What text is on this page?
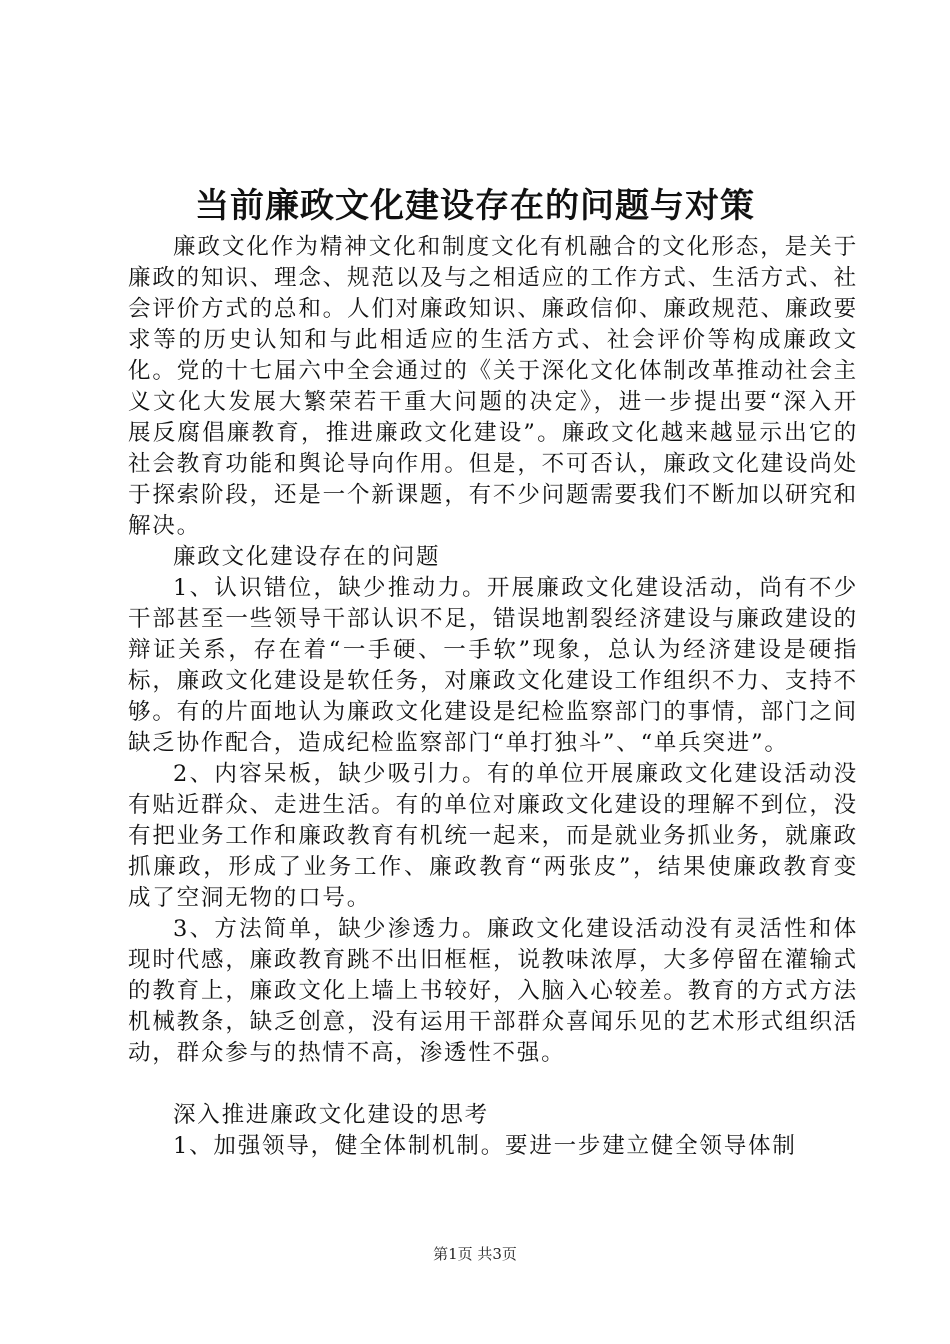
当前廉政文化建设存在的问题与对策

廉政文化作为精神文化和制度文化有机融合的文化形态，是关于廉政的知识、理念、规范以及与之相适应的工作方式、生活方式、社会评价方式的总和。人们对廉政知识、廉政信仰、廉政规范、廉政要求等的历史认知和与此相适应的生活方式、社会评价等构成廉政文化。党的十七届六中全会通过的《关于深化文化体制改革推动社会主义文化大发展大繁荣若干重大问题的决定》，进一步提出要“深入开展反腐倡廉教育，推进廉政文化建设”。廉政文化越来越显示出它的社会教育功能和舆论导向作用。但是，不可否认，廉政文化建设尚处于探索阶段，还是一个新课题，有不少问题需要我们不断加以研究和解决。

廉政文化建设存在的问题

1、认识错位，缺少推动力。开展廉政文化建设活动，尚有不少干部甚至一些领导干部认识不足，错误地割裂经济建设与廉政建设的辩证关系，存在着“一手硬、一手软”现象，总认为经济建设是硬指标，廉政文化建设是软任务，对廉政文化建设工作组织不力、支持不够。有的片面地认为廉政文化建设是纪检监察部门的事情，部门之间缺乏协作配合，造成纪检监察部门“单打独斗”、“单兵突进”。

2、内容呆板，缺少吸引力。有的单位开展廉政文化建设活动没有贴近群众、走进生活。有的单位对廉政文化建设的理解不到位，没有把业务工作和廉政教育有机统一起来，而是就业务抓业务，就廉政抓廉政，形成了业务工作、廉政教育“两张皮”，结果使廉政教育变成了空洞无物的口号。

3、方法简单，缺少渗透力。廉政文化建设活动没有灵活性和体现时代感，廉政教育跳不出旧框框，说教味浓厚，大多停留在灌输式的教育上，廉政文化上墙上书较好，入脑入心较差。教育的方式方法机械教条，缺乏创意，没有运用干部群众喜闻乐见的艺术形式组织活动，群众参与的热情不高，渗透性不强。

深入推进廉政文化建设的思考

1、加强领导，健全体制机制。要进一步建立健全领导体制

第1页 共3页
